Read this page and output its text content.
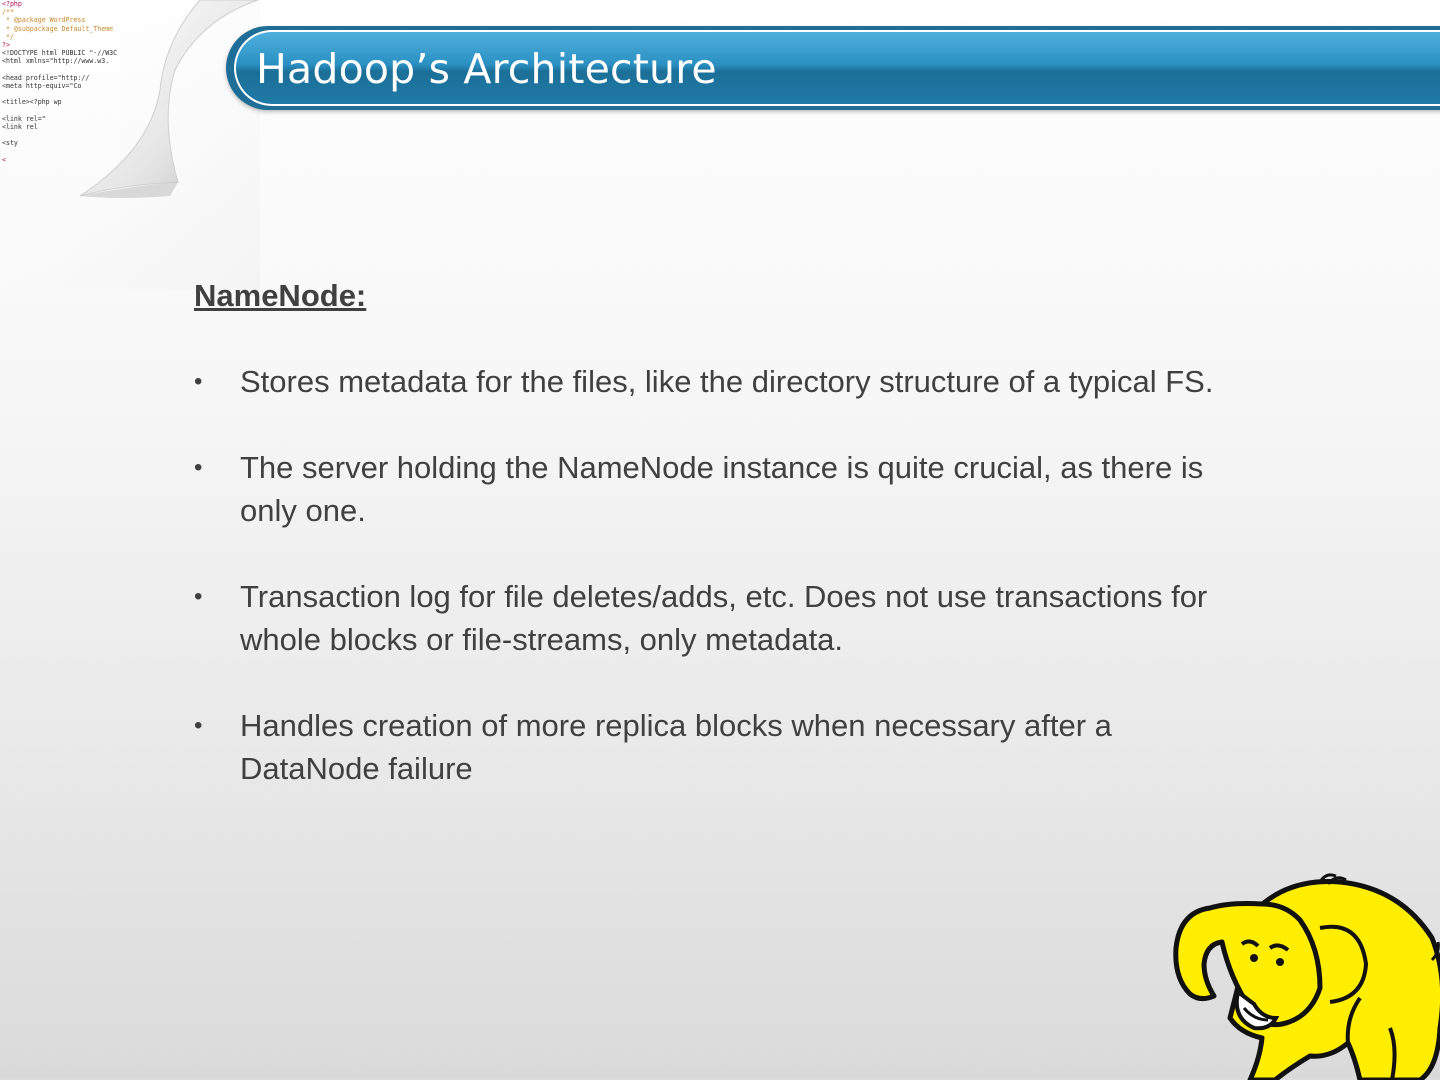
<?php
/**
* @package WordPress
* @subpackage Default_Theme
*/
?>
<!DOCTYPE html PUBLIC "-//W3C
<html xmlns="http://www.w3.

<head profile="http://
<meta http-equiv="Co

<title><?php wp

<link rel="
<link rel

<sty

<
Hadoop’s Architecture

NameNode:

• Stores metadata for the files, like the directory structure of a typical FS.
• The server holding the NameNode instance is quite crucial, as there is only one.
• Transaction log for file deletes/adds, etc. Does not use transactions for whole blocks or file-streams, only metadata.
• Handles creation of more replica blocks when necessary after a DataNode failure
